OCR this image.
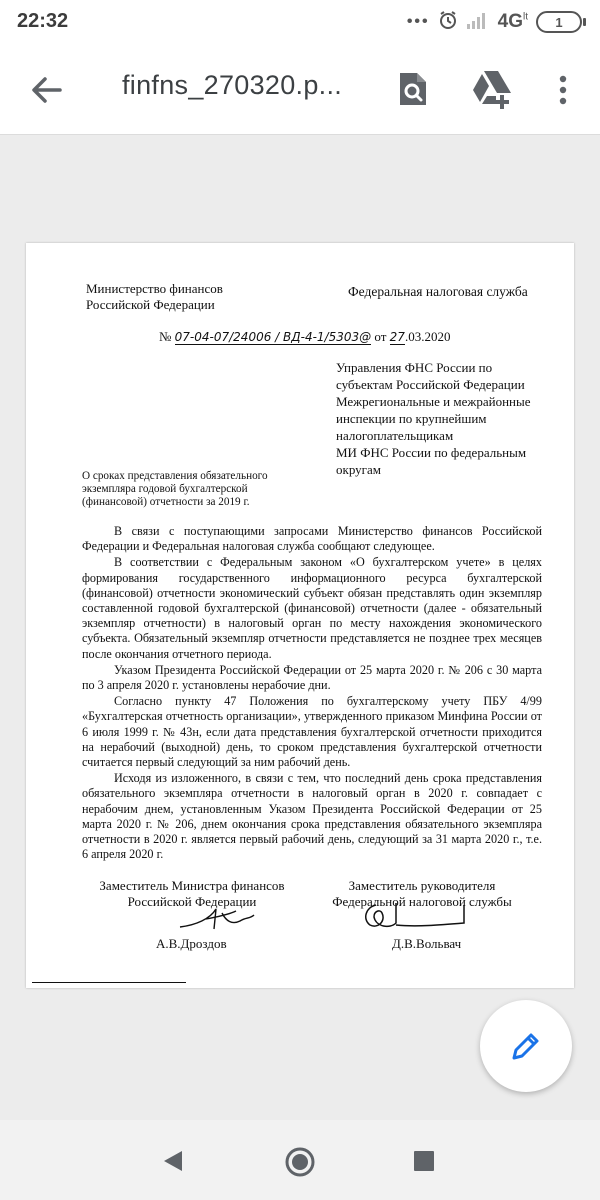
22:32	•••	$4G^{lt}$ 1
finfns_270320.p...
Министерство финансов
Российской Федерации
Федеральная налоговая служба
№ 07-04-07/24006 / ВД-4-1/5303@ от 27.03.2020
Управления ФНС России по
субъектам Российской Федерации
Межрегиональные и межрайонные
инспекции по крупнейшим
налогоплательщикам
МИ ФНС России по федеральным
округам
О сроках представления обязательного
экземпляра годовой бухгалтерской
(финансовой) отчетности за 2019 г.

В связи с поступающими запросами Министерство финансов Российской Федерации и Федеральная налоговая служба сообщают следующее.

В соответствии с Федеральным законом «О бухгалтерском учете» в целях формирования государственного информационного ресурса бухгалтерской (финансовой) отчетности экономический субъект обязан представлять один экземпляр составленной годовой бухгалтерской (финансовой) отчетности (далее - обязательный экземпляр отчетности) в налоговый орган по месту нахождения экономического субъекта. Обязательный экземпляр отчетности представляется не позднее трех месяцев после окончания отчетного периода.

Указом Президента Российской Федерации от 25 марта 2020 г. № 206 с 30 марта по 3 апреля 2020 г. установлены нерабочие дни.

Согласно пункту 47 Положения по бухгалтерскому учету ПБУ 4/99 «Бухгалтерская отчетность организации», утвержденного приказом Минфина России от 6 июля 1999 г. № 43н, если дата представления бухгалтерской отчетности приходится на нерабочий (выходной) день, то сроком представления бухгалтерской отчетности считается первый следующий за ним рабочий день.

Исходя из изложенного, в связи с тем, что последний день срока представления обязательного экземпляра отчетности в налоговый орган в 2020 г. совпадает с нерабочим днем, установленным Указом Президента Российской Федерации от 25 марта 2020 г. № 206, днем окончания срока представления обязательного экземпляра отчетности в 2020 г. является первый рабочий день, следующий за 31 марта 2020 г., т.е. 6 апреля 2020 г.

Заместитель Министра финансов
Российской Федерации
А.В.Дроздов
Заместитель руководителя
Федеральной налоговой службы
Д.В.Вольвач
